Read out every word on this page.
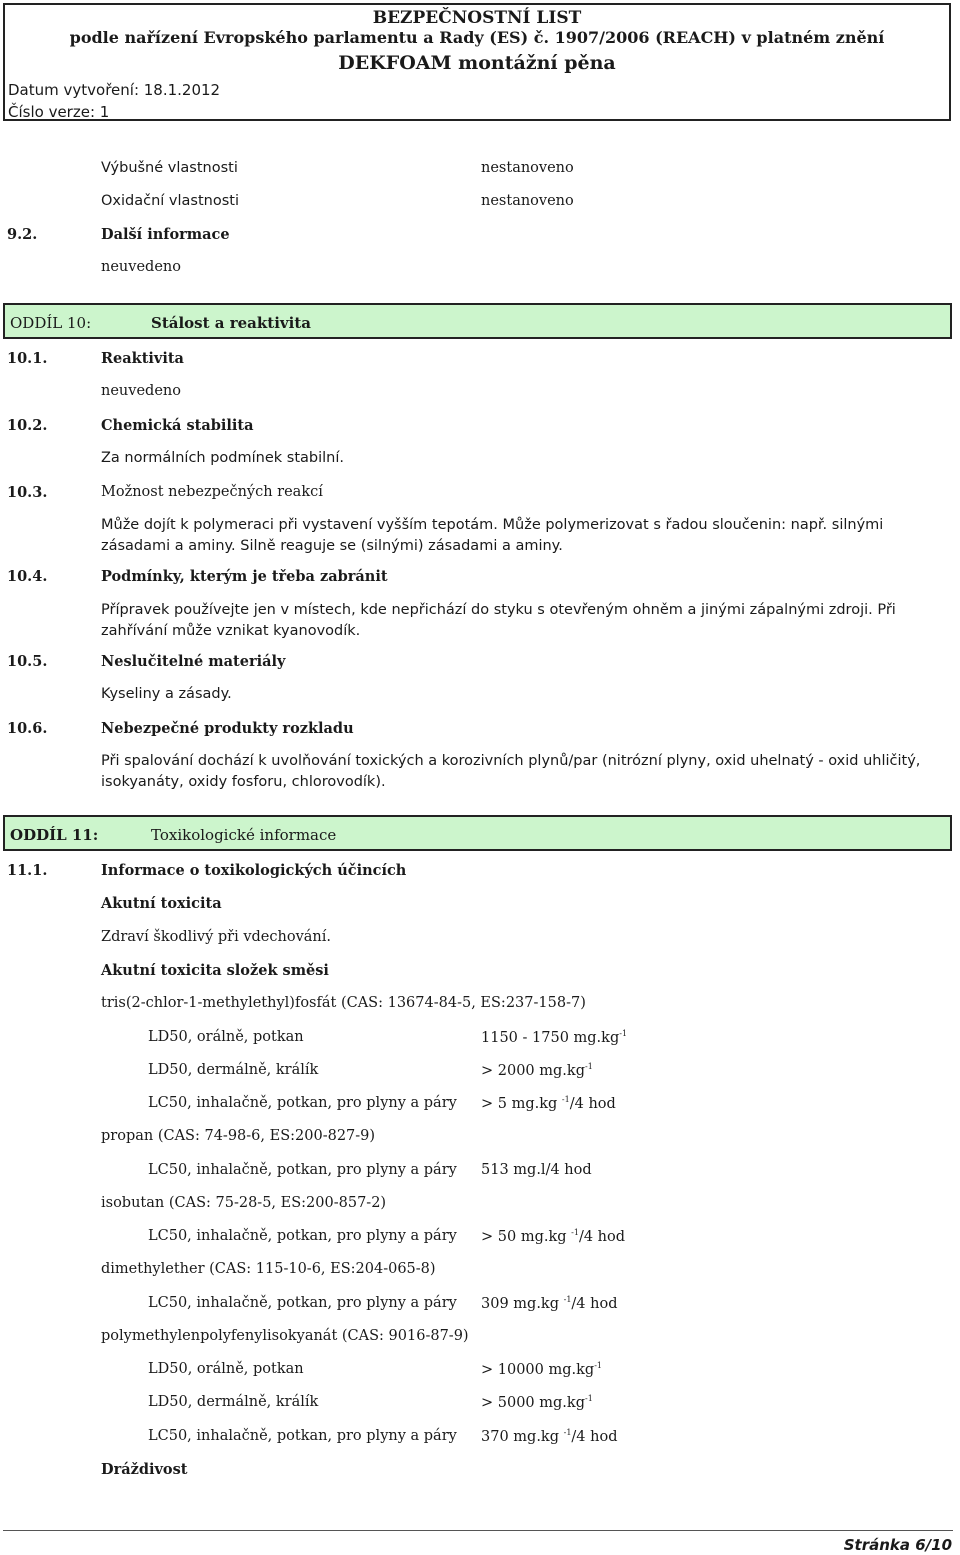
BEZPEČNOSTNÍ LIST
podle nařízení Evropského parlamentu a Rady (ES) č. 1907/2006 (REACH) v platném znění
DEKFOAM montážní pěna
Datum vytvoření: 18.1.2012
Číslo verze: 1
Výbušné vlastnosti	nestanoveno
Oxidační vlastnosti	nestanoveno
9.2.	Další informace
neuvedeno
ODDÍL 10:	Stálost a reaktivita
10.1.	Reaktivita
neuvedeno
10.2.	Chemická stabilita
Za normálních podmínek stabilní.
10.3.	Možnost nebezpečných reakcí
Může dojít k polymeraci při vystavení vyšším tepotám. Může polymerizovat s řadou sloučenin: např. silnými zásadami a aminy. Silně reaguje se (silnými) zásadami a aminy.
10.4.	Podmínky, kterým je třeba zabránit
Přípravek používejte jen v místech, kde nepřichází do styku s otevřeným ohněm a jinými zápalnými zdroji. Při zahřívání může vznikat kyanovodík.
10.5.	Neslučitelné materiály
Kyseliny a zásady.
10.6.	Nebezpečné produkty rozkladu
Při spalování dochází k uvolňování toxických a korozivních plynů/par (nitrózní plyny, oxid uhelnatý - oxid uhličitý, isokyanáty, oxidy fosforu, chlorovodík).
ODDÍL 11:	Toxikologické informace
11.1.	Informace o toxikologických účincích
Akutní toxicita
Zdraví škodlivý při vdechování.
Akutní toxicita složek směsi
tris(2-chlor-1-methylethyl)fosfát (CAS: 13674-84-5, ES:237-158-7)
LD50, orálně, potkan	1150 - 1750 $mg.kg^{-1}$
LD50, dermálně, králík	> 2000 $mg.kg^{-1}$
LC50, inhalačně, potkan, pro plyny a páry > 5 mg.kg $^{-1}$/4 hod
propan (CAS: 74-98-6, ES:200-827-9)
LC50, inhalačně, potkan, pro plyny a páry 513 mg.l/4 hod
isobutan (CAS: 75-28-5, ES:200-857-2)
LC50, inhalačně, potkan, pro plyny a páry > 50 mg.kg $^{-1}$/4 hod
dimethylether (CAS: 115-10-6, ES:204-065-8)
LC50, inhalačně, potkan, pro plyny a páry 309 mg.kg $^{-1}$/4 hod
polymethylenpolyfenylisokyanát (CAS: 9016-87-9)
LD50, orálně, potkan	> 10000 $mg.kg^{-1}$
LD50, dermálně, králík	> 5000 $mg.kg^{-1}$
LC50, inhalačně, potkan, pro plyny a páry 370 mg.kg $^{-1}$/4 hod
Dráždivost
Stránka 6/10
